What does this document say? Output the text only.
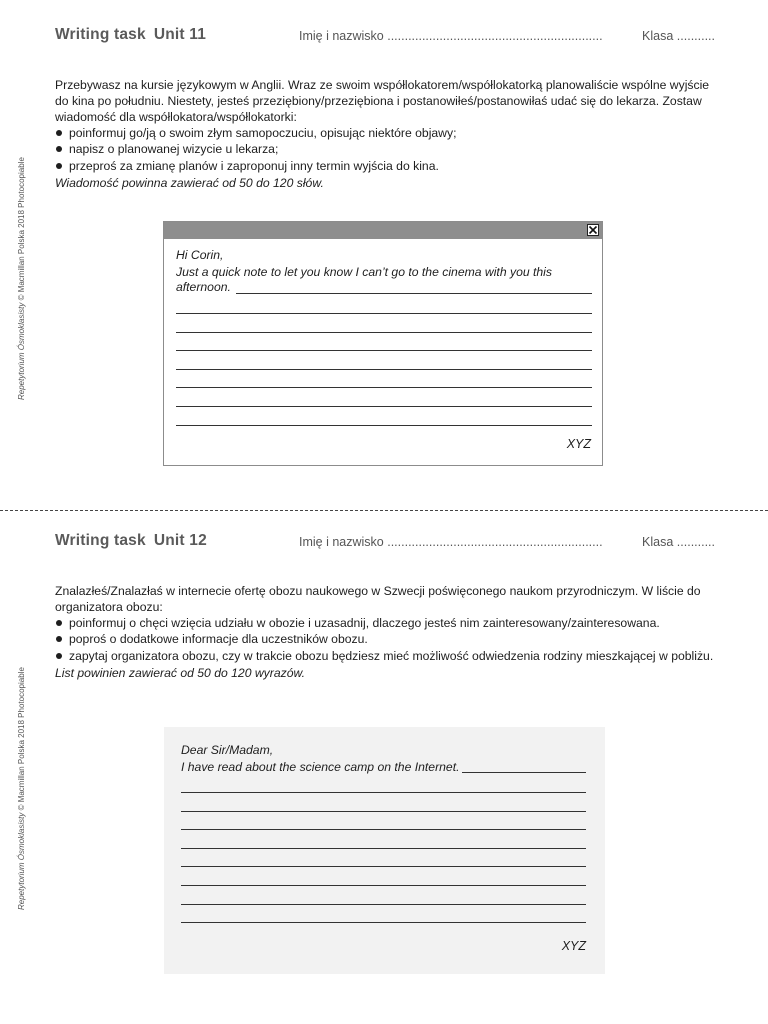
Repetytorium Ósmoklasisty © Macmillan Polska 2018 Photocopiable
Repetytorium Ósmoklasisty © Macmillan Polska 2018 Photocopiable
Writing task Unit 11	Imię i nazwisko ..............................................................	Klasa ...........

Przebywasz na kursie językowym w Anglii. Wraz ze swoim współlokatorem/współlokatorką planowaliście wspólne wyjście do kina po południu. Niestety, jesteś przeziębiony/przeziębiona i postanowiłeś/postanowiłaś udać się do lekarza. Zostaw wiadomość dla współlokatora/współlokatorki:

poinformuj go/ją o swoim złym samopoczuciu, opisując niektóre objawy;
napisz o planowanej wizycie u lekarza;
przeproś za zmianę planów i zaproponuj inny termin wyjścia do kina.

Wiadomość powinna zawierać od 50 do 120 słów.

Hi Corin,
Just a quick note to let you know I can’t go to the cinema with you this
afternoon.
XYZ
Writing task Unit 12	Imię i nazwisko ..............................................................	Klasa ...........

Znalazłeś/Znalazłaś w internecie ofertę obozu naukowego w Szwecji poświęconego naukom przyrodniczym. W liście do organizatora obozu:

poinformuj o chęci wzięcia udziału w obozie i uzasadnij, dlaczego jesteś nim zainteresowany/zainteresowana.
poproś o dodatkowe informacje dla uczestników obozu.
zapytaj organizatora obozu, czy w trakcie obozu będziesz mieć możliwość odwiedzenia rodziny mieszkającej w pobliżu.

List powinien zawierać od 50 do 120 wyrazów.

Dear Sir/Madam,
I have read about the science camp on the Internet.
XYZ
